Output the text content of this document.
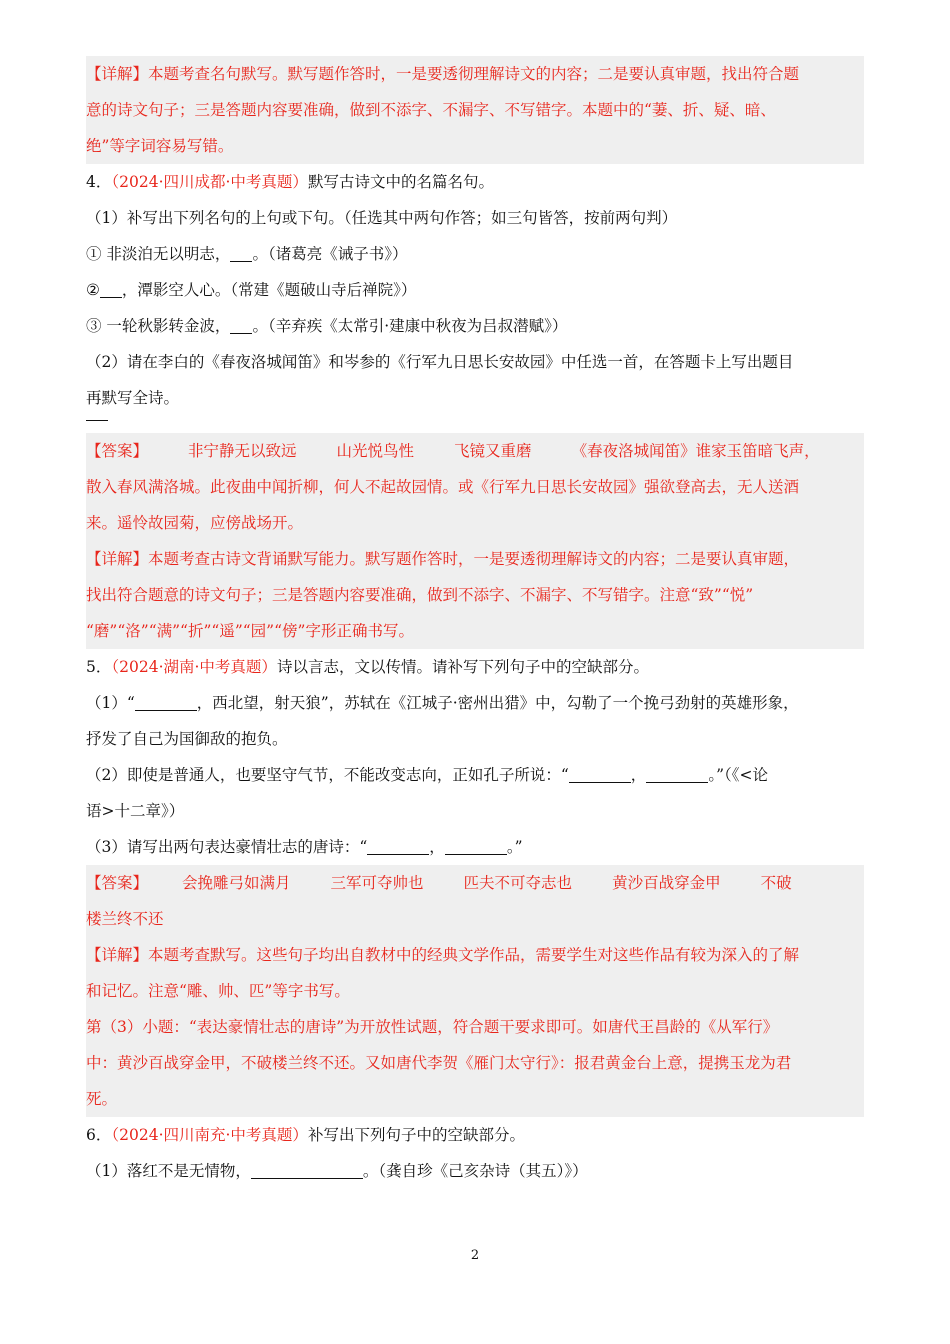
【详解】本题考查名句默写。默写题作答时，一是要透彻理解诗文的内容；二是要认真审题，找出符合题
意的诗文句子；三是答题内容要准确，做到不添字、不漏字、不写错字。本题中的“萋、折、疑、暗、
绝”等字词容易写错。
4．（2024·四川成都·中考真题）默写古诗文中的名篇名句。
（1）补写出下列名句的上句或下句。（任选其中两句作答；如三句皆答，按前两句判）
① 非淡泊无以明志， 。（诸葛亮《诫子书》）
② ，潭影空人心。（常建《题破山寺后禅院》）
③ 一轮秋影转金波， 。（辛弃疾《太常引·建康中秋夜为吕叔潜赋》）
（2）请在李白的《春夜洛城闻笛》和岑参的《行军九日思长安故园》中任选一首，在答题卡上写出题目
再默写全诗。
【答案】	非宁静无以致远	山光悦鸟性	飞镜又重磨	《春夜洛城闻笛》谁家玉笛暗飞声，
散入春风满洛城。此夜曲中闻折柳，何人不起故园情。或《行军九日思长安故园》强欲登高去，无人送酒
来。遥怜故园菊，应傍战场开。
【详解】本题考查古诗文背诵默写能力。默写题作答时，一是要透彻理解诗文的内容；二是要认真审题，
找出符合题意的诗文句子；三是答题内容要准确，做到不添字、不漏字、不写错字。注意“致”“悦”
“磨”“洛”“满”“折”“遥”“园”“傍”字形正确书写。
5．（2024·湖南·中考真题）诗以言志，文以传情。请补写下列句子中的空缺部分。
（1）“	，西北望，射天狼”，苏轼在《江城子·密州出猎》中，勾勒了一个挽弓劲射的英雄形象，
抒发了自己为国御敌的抱负。
（2）即使是普通人，也要坚守气节，不能改变志向，正如孔子所说：“	，	。”（《<论
语>十二章》）
（3）请写出两句表达豪情壮志的唐诗：“	，	。”
【答案】 会挽雕弓如满月	三军可夺帅也	匹夫不可夺志也	黄沙百战穿金甲	不破
楼兰终不还
【详解】本题考查默写。这些句子均出自教材中的经典文学作品，需要学生对这些作品有较为深入的了解
和记忆。注意“雕、帅、匹”等字书写。
第（3）小题：“表达豪情壮志的唐诗”为开放性试题，符合题干要求即可。如唐代王昌龄的《从军行》
中：黄沙百战穿金甲，不破楼兰终不还。又如唐代李贺《雁门太守行》：报君黄金台上意，提携玉龙为君
死。
6．（2024·四川南充·中考真题）补写出下列句子中的空缺部分。
（1）落红不是无情物，	。（龚自珍《己亥杂诗（其五）》）
2
